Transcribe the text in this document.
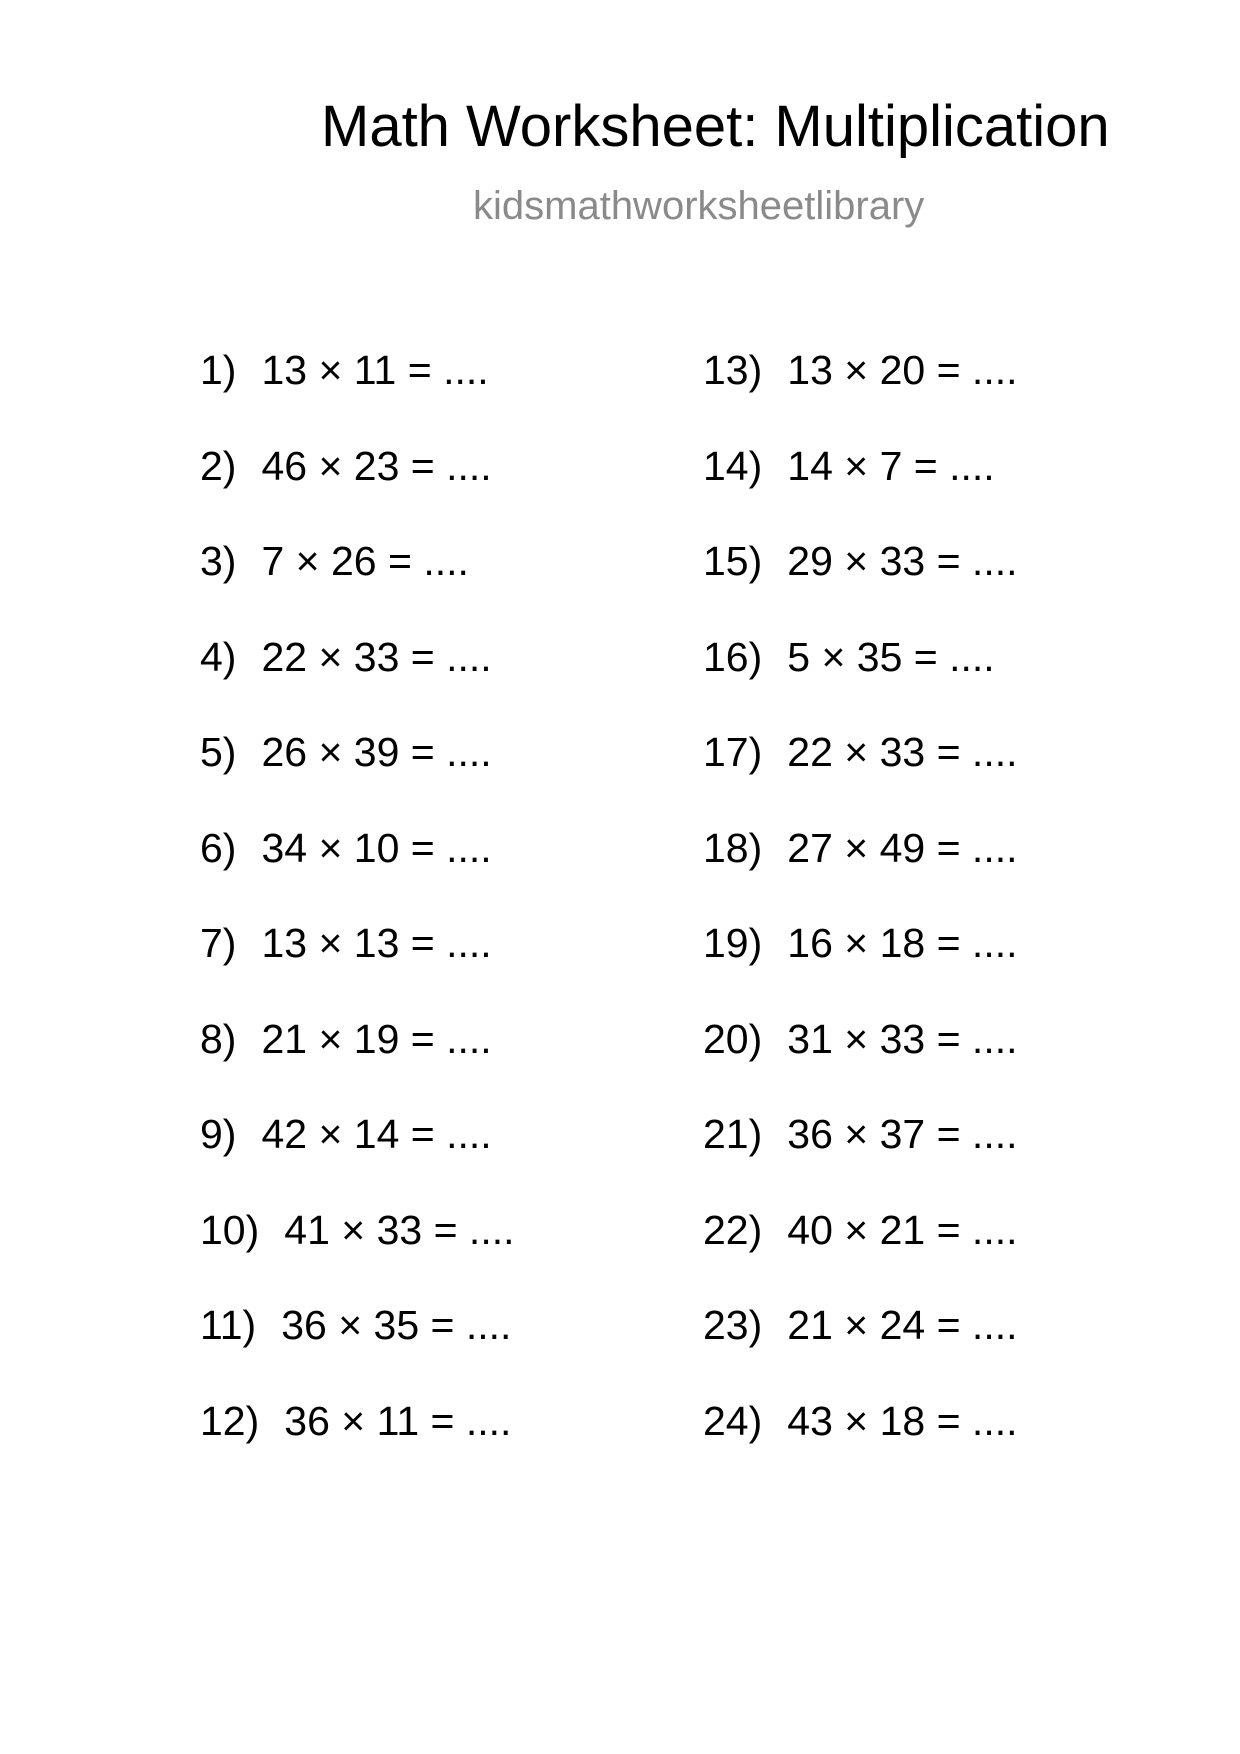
Math Worksheet: Multiplication
kidsmathworksheetlibrary
1) 13 × 11 = ....
2) 46 × 23 = ....
3) 7 × 26 = ....
4) 22 × 33 = ....
5) 26 × 39 = ....
6) 34 × 10 = ....
7) 13 × 13 = ....
8) 21 × 19 = ....
9) 42 × 14 = ....
10) 41 × 33 = ....
11) 36 × 35 = ....
12) 36 × 11 = ....
13) 13 × 20 = ....
14) 14 × 7 = ....
15) 29 × 33 = ....
16) 5 × 35 = ....
17) 22 × 33 = ....
18) 27 × 49 = ....
19) 16 × 18 = ....
20) 31 × 33 = ....
21) 36 × 37 = ....
22) 40 × 21 = ....
23) 21 × 24 = ....
24) 43 × 18 = ....
